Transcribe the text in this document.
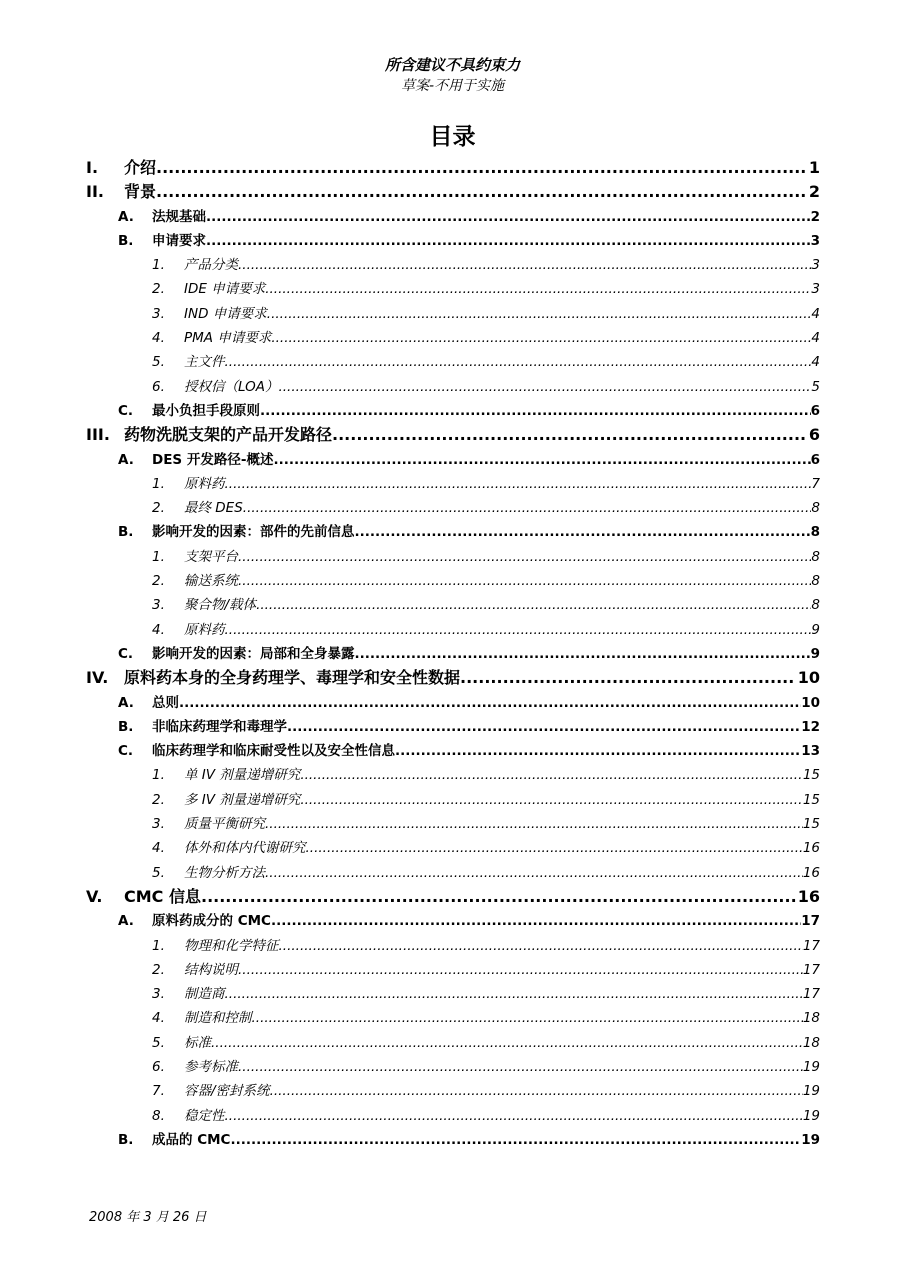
所含建议不具约束力
草案-不用于实施
目录
I.	介绍 .....	1
II.	背景 .....	2
A.	法规基础 .....	2
B.	申请要求 .....	3
1.	产品分类 .....	3
2.	IDE 申请要求 .....	3
3.	IND 申请要求 .....	4
4.	PMA 申请要求 .....	4
5.	主文件 .....	4
6.	授权信（LOA） .....	5
C.	最小负担手段原则 .....	6
III. 药物洗脱支架的产品开发路径 .....	6
A.	DES 开发路径-概述 .....	6
1.	原料药 .....	7
2.	最终 DES .....	8
B.	影响开发的因素：部件的先前信息 .....	8
1.	支架平台 .....	8
2.	输送系统 .....	8
3.	聚合物/载体 .....	8
4.	原料药 .....	9
C.	影响开发的因素：局部和全身暴露 .....	9
IV. 原料药本身的全身药理学、毒理学和安全性数据 .....	10
A.	总则 .....	10
B.	非临床药理学和毒理学 .....	12
C.	临床药理学和临床耐受性以及安全性信息 .....	13
1.	单 IV 剂量递增研究 .....	15
2.	多 IV 剂量递增研究 .....	15
3.	质量平衡研究 .....	15
4.	体外和体内代谢研究 .....	16
5.	生物分析方法 .....	16
V.	CMC 信息 .....	16
A.	原料药成分的 CMC .....	17
1.	物理和化学特征 .....	17
2.	结构说明 .....	17
3.	制造商 .....	17
4.	制造和控制 .....	18
5.	标准 .....	18
6.	参考标准 .....	19
7.	容器/密封系统 .....	19
8.	稳定性 .....	19
B.	成品的 CMC .....	19
2008 年 3 月 26 日
